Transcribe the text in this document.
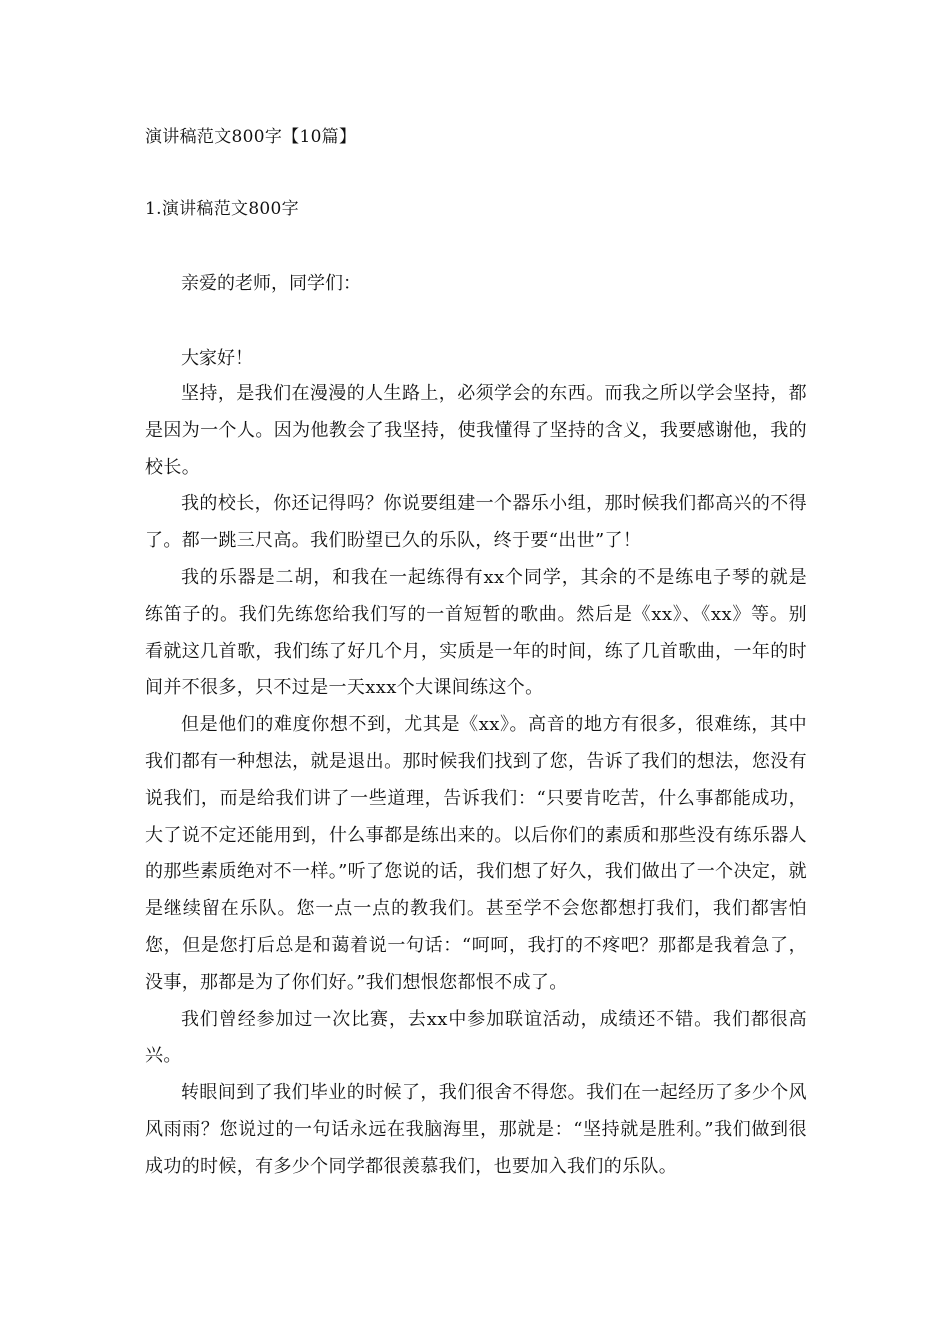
演讲稿范文800字【10篇】
1.演讲稿范文800字

亲爱的老师，同学们：

大家好！

坚持，是我们在漫漫的人生路上，必须学会的东西。而我之所以学会坚持，都是因为一个人。因为他教会了我坚持，使我懂得了坚持的含义，我要感谢他，我的校长。

我的校长，你还记得吗？你说要组建一个器乐小组，那时候我们都高兴的不得了。都一跳三尺高。我们盼望已久的乐队，终于要“出世”了！

我的乐器是二胡，和我在一起练得有xx个同学，其余的不是练电子琴的就是练笛子的。我们先练您给我们写的一首短暂的歌曲。然后是《xx》、《xx》等。别看就这几首歌，我们练了好几个月，实质是一年的时间，练了几首歌曲，一年的时间并不很多，只不过是一天xxx个大课间练这个。

但是他们的难度你想不到，尤其是《xx》。高音的地方有很多，很难练，其中我们都有一种想法，就是退出。那时候我们找到了您，告诉了我们的想法，您没有说我们，而是给我们讲了一些道理，告诉我们：“只要肯吃苦，什么事都能成功，大了说不定还能用到，什么事都是练出来的。以后你们的素质和那些没有练乐器人的那些素质绝对不一样。”听了您说的话，我们想了好久，我们做出了一个决定，就是继续留在乐队。您一点一点的教我们。甚至学不会您都想打我们，我们都害怕您，但是您打后总是和蔼着说一句话：“呵呵，我打的不疼吧？那都是我着急了，没事，那都是为了你们好。”我们想恨您都恨不成了。

我们曾经参加过一次比赛，去xx中参加联谊活动，成绩还不错。我们都很高兴。

转眼间到了我们毕业的时候了，我们很舍不得您。我们在一起经历了多少个风风雨雨？您说过的一句话永远在我脑海里，那就是：“坚持就是胜利。”我们做到很成功的时候，有多少个同学都很羡慕我们，也要加入我们的乐队。
